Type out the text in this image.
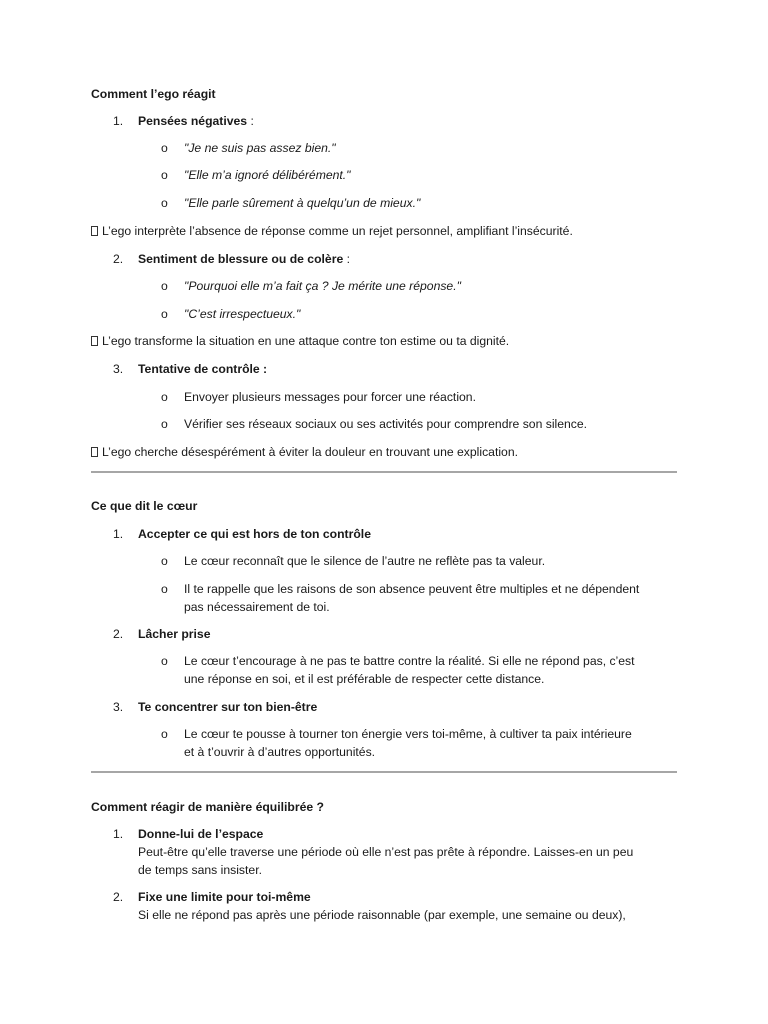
Comment l’ego réagit
1. Pensées négatives :
o "Je ne suis pas assez bien."
o "Elle m’a ignoré délibérément."
o "Elle parle sûrement à quelqu’un de mieux."
L’ego interprète l’absence de réponse comme un rejet personnel, amplifiant l’insécurité.
2. Sentiment de blessure ou de colère :
o "Pourquoi elle m’a fait ça ? Je mérite une réponse."
o "C’est irrespectueux."
L’ego transforme la situation en une attaque contre ton estime ou ta dignité.
3. Tentative de contrôle :
o Envoyer plusieurs messages pour forcer une réaction.
o Vérifier ses réseaux sociaux ou ses activités pour comprendre son silence.
L’ego cherche désespérément à éviter la douleur en trouvant une explication.
Ce que dit le cœur
1. Accepter ce qui est hors de ton contrôle
o Le cœur reconnaît que le silence de l’autre ne reflète pas ta valeur.
o Il te rappelle que les raisons de son absence peuvent être multiples et ne dépendent
pas nécessairement de toi.
2. Lâcher prise
o Le cœur t’encourage à ne pas te battre contre la réalité. Si elle ne répond pas, c’est
une réponse en soi, et il est préférable de respecter cette distance.
3. Te concentrer sur ton bien-être
o Le cœur te pousse à tourner ton énergie vers toi-même, à cultiver ta paix intérieure
et à t’ouvrir à d’autres opportunités.
Comment réagir de manière équilibrée ?
1. Donne-lui de l’espace
Peut-être qu’elle traverse une période où elle n’est pas prête à répondre. Laisses-en un peu
de temps sans insister.
2. Fixe une limite pour toi-même
Si elle ne répond pas après une période raisonnable (par exemple, une semaine ou deux),
